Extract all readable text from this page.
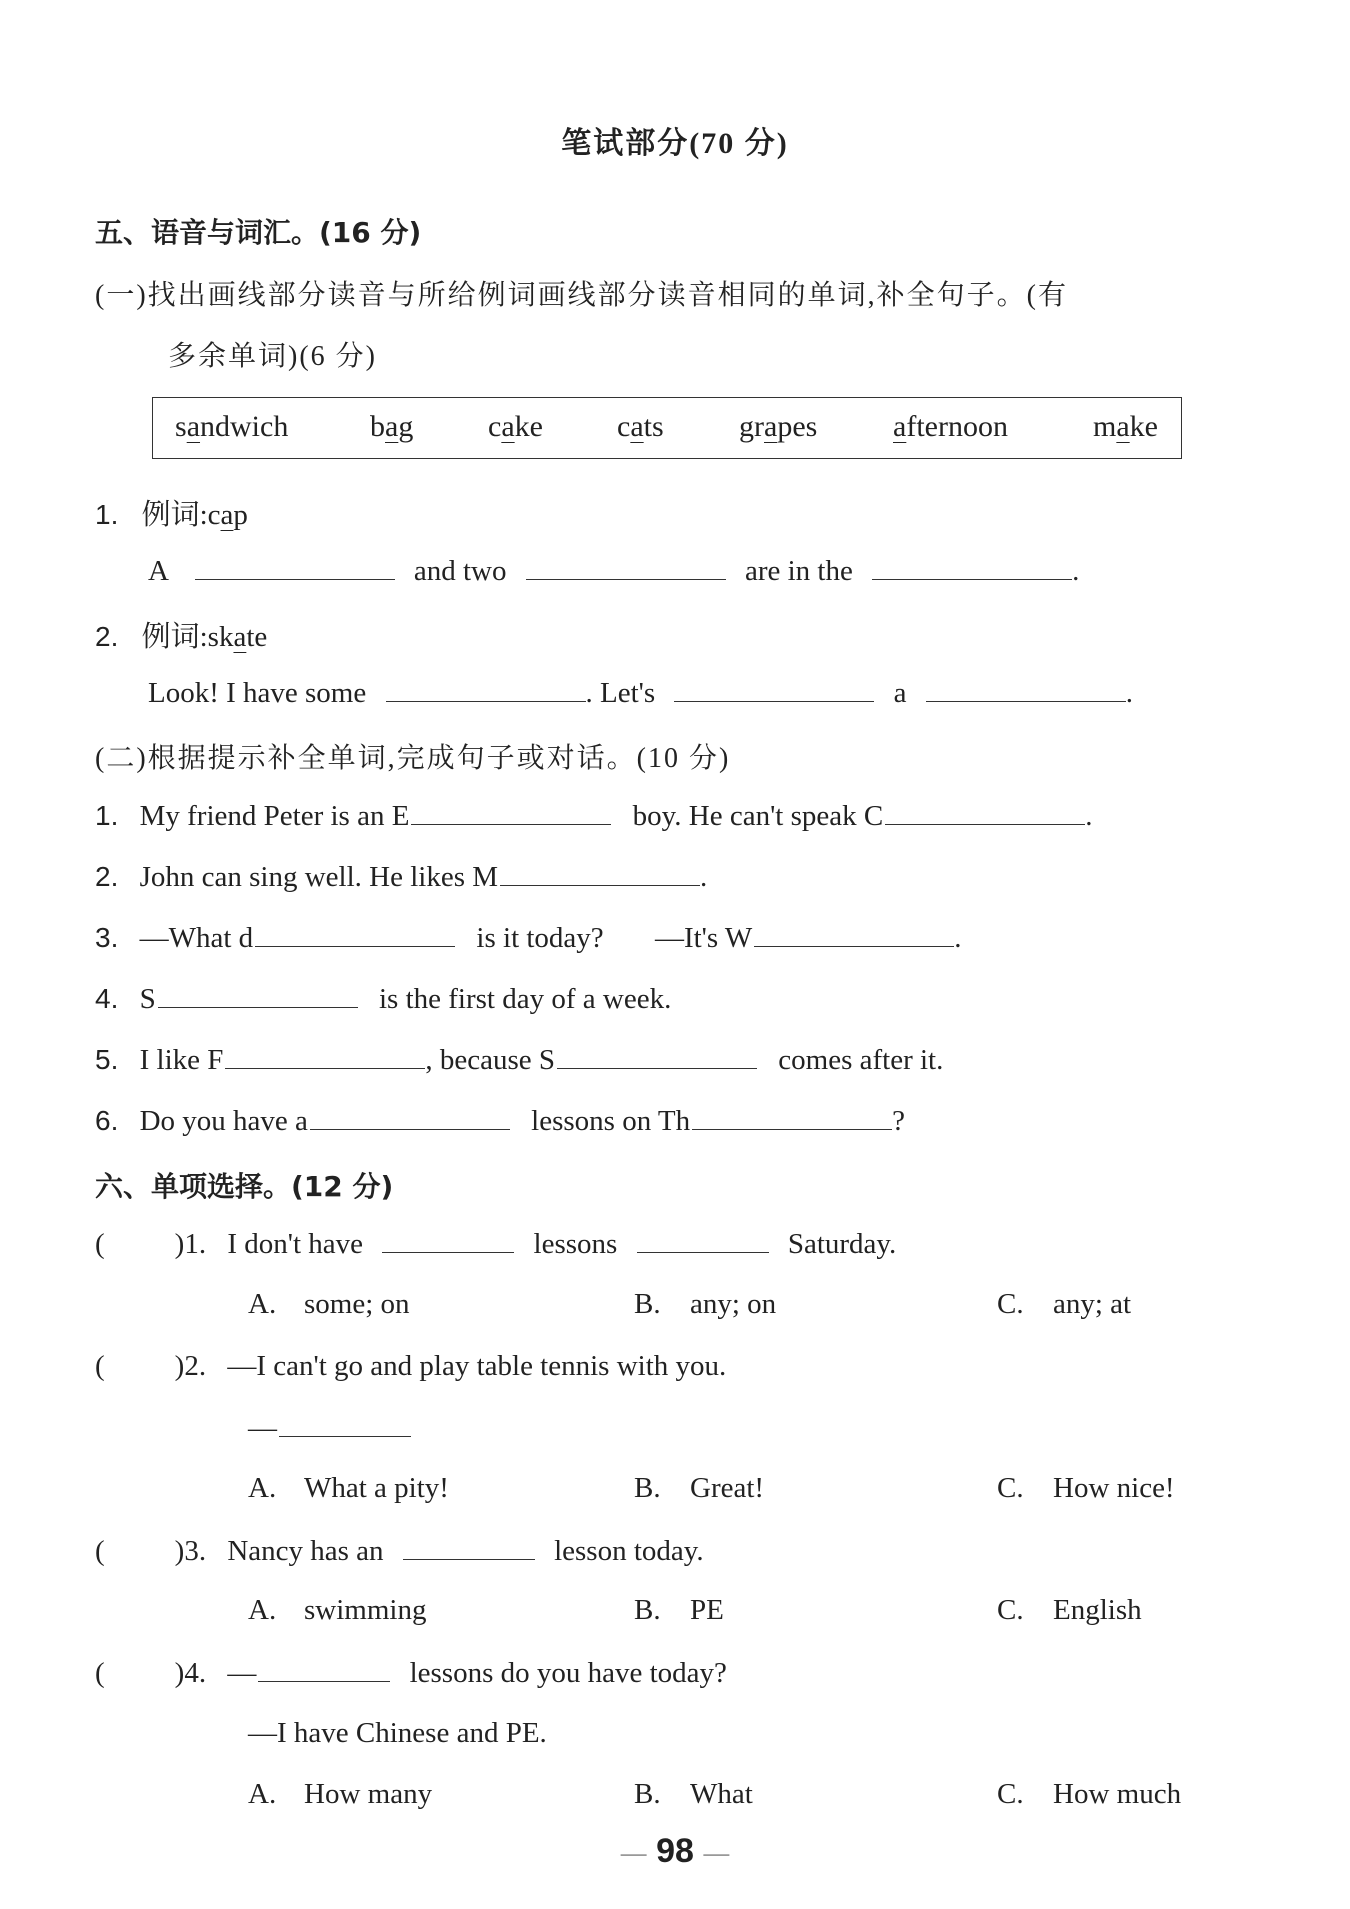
笔试部分(70 分)
五、语音与词汇。(16 分)
(一)找出画线部分读音与所给例词画线部分读音相同的单词,补全句子。(有
多余单词)(6 分)
sandwich	bag cake cats	grapes	afternoon	make
1. 例词:cap
A	and two	are in the	.
2. 例词:skate
Look! I have some	. Let's	a	.
(二)根据提示补全单词,完成句子或对话。(10 分)
1. My friend Peter is an E	boy. He can't speak C	.
2. John can sing well. He likes M	.
3. —What d	is it today? —It's W	.
4. S	is the first day of a week.
5. I like F	, because S	comes after it.
6. Do you have a	lessons on Th	?
六、单项选择。(12 分)
( )1. I don't have	lessons	Saturday.
A. some; on	B. any; on	C. any; at
( )2. —I can't go and play table tennis with you.
—
A. What a pity!	B. Great!	C. How nice!
( )3. Nancy has an	lesson today.
A. swimming	B. PE	C. English
( )4. —	lessons do you have today?
—I have Chinese and PE.
A. How many	B. What	C. How much
— 98 —
